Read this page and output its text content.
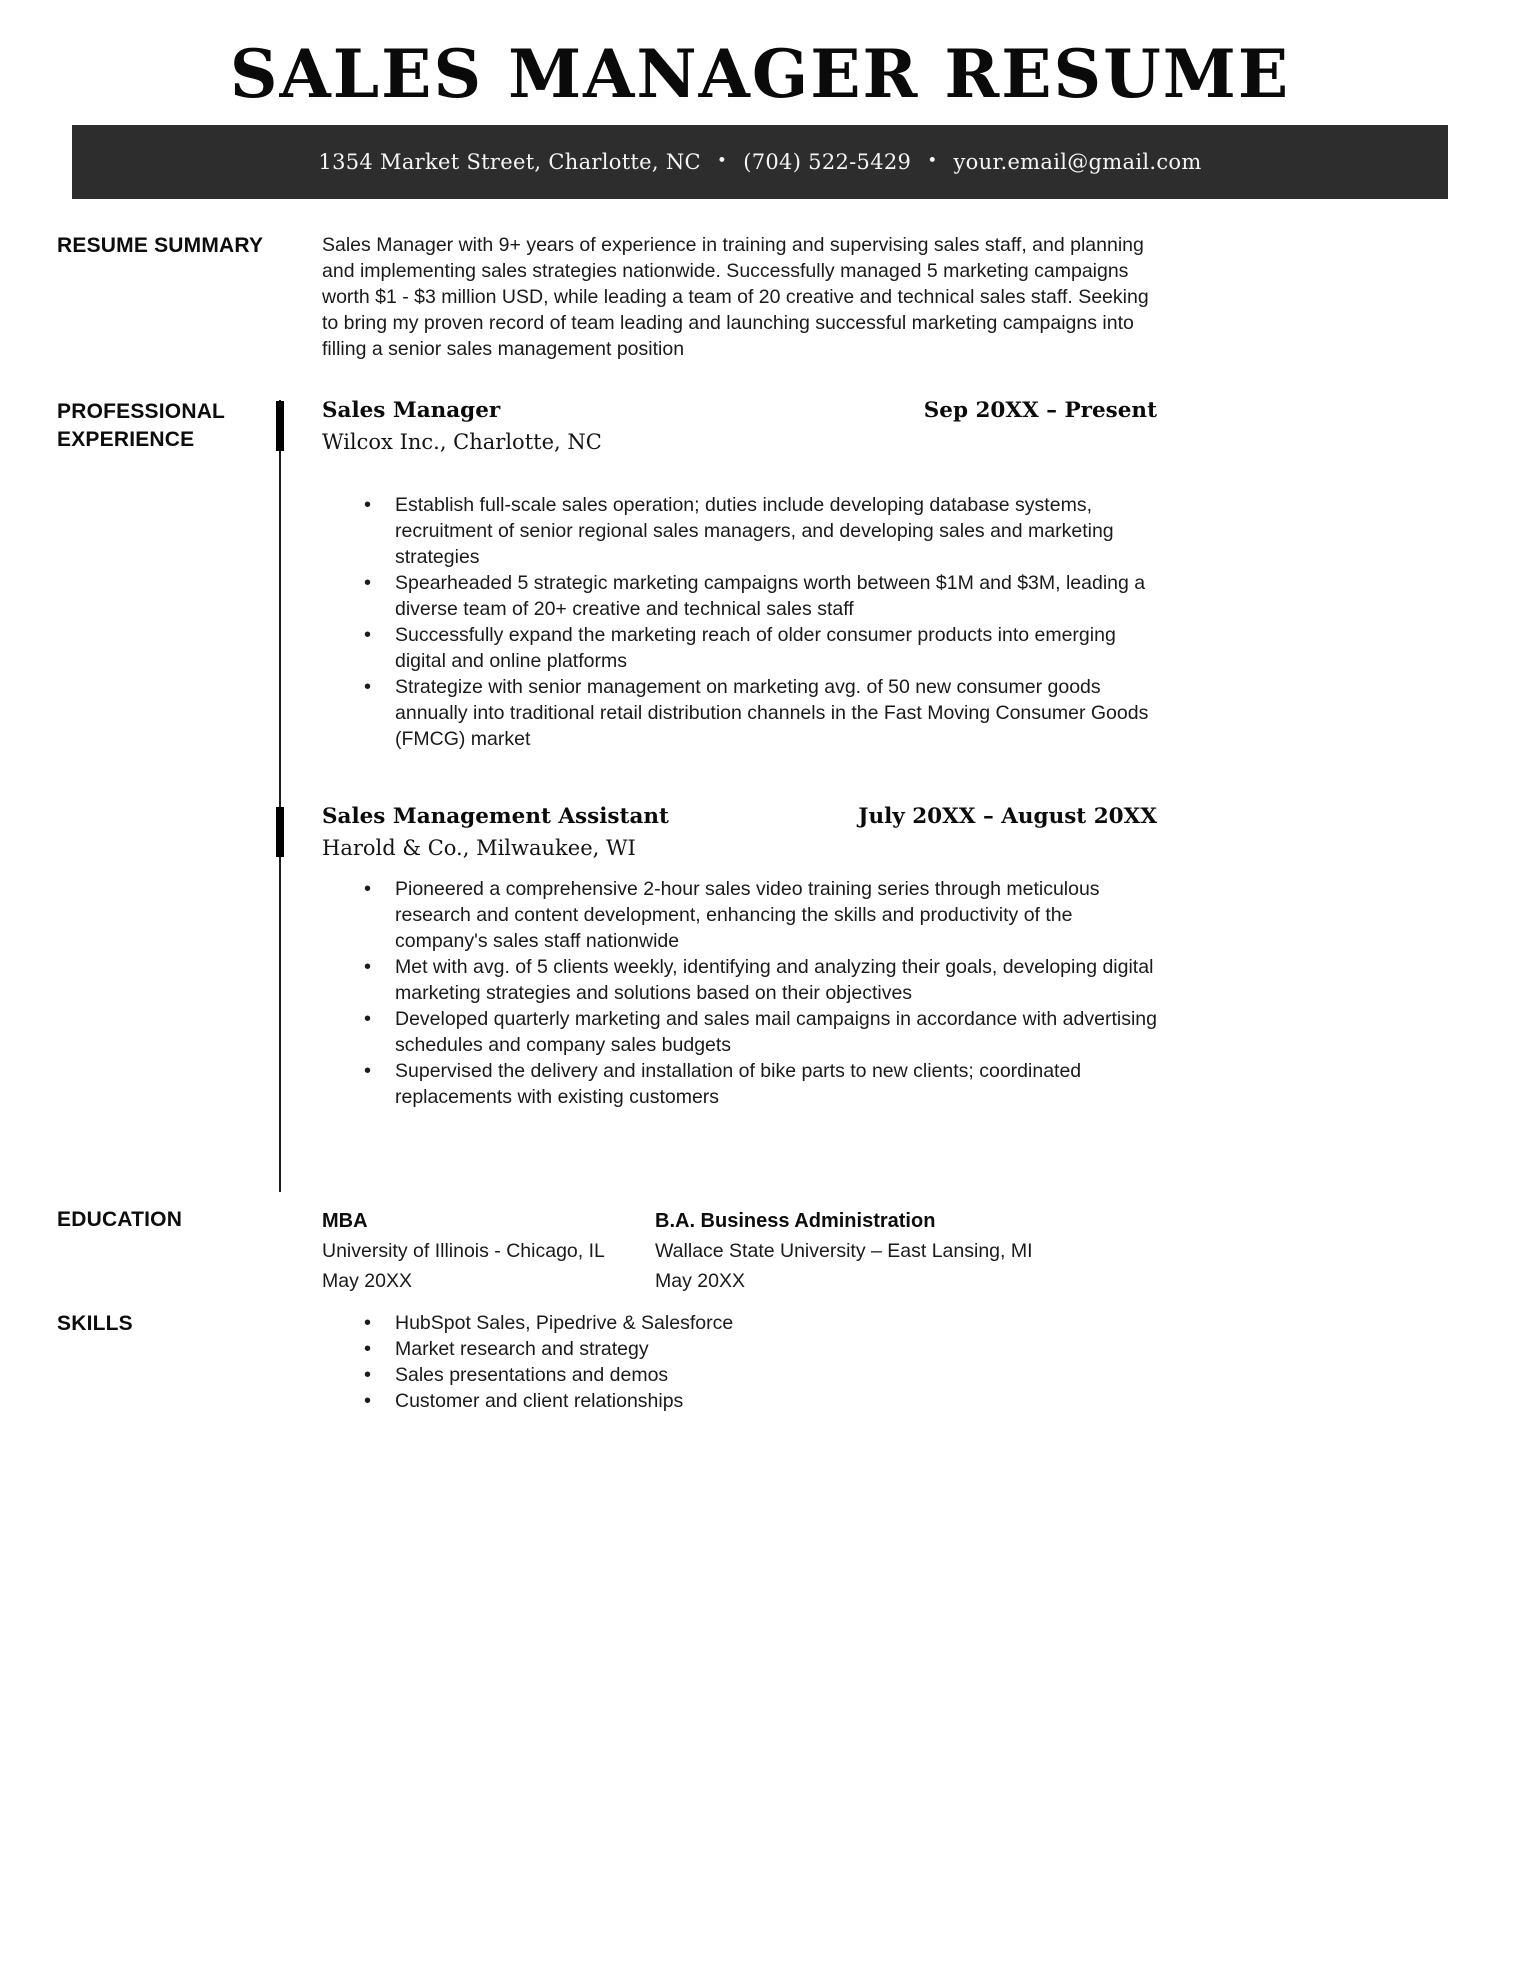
SALES MANAGER RESUME
1354 Market Street, Charlotte, NC • (704) 522-5429 • your.email@gmail.com
RESUME SUMMARY	Sales Manager with 9+ years of experience in training and supervising sales staff, and planning and implementing sales strategies nationwide. Successfully managed 5 marketing campaigns worth $1 - $3 million USD, while leading a team of 20 creative and technical sales staff. Seeking to bring my proven record of team leading and launching successful marketing campaigns into filling a senior sales management position
PROFESSIONAL EXPERIENCE
Sales Manager	Sep 20XX – Present
Wilcox Inc., Charlotte, NC
• Establish full-scale sales operation; duties include developing database systems, recruitment of senior regional sales managers, and developing sales and marketing strategies
• Spearheaded 5 strategic marketing campaigns worth between $1M and $3M, leading a diverse team of 20+ creative and technical sales staff
• Successfully expand the marketing reach of older consumer products into emerging digital and online platforms
• Strategize with senior management on marketing avg. of 50 new consumer goods annually into traditional retail distribution channels in the Fast Moving Consumer Goods (FMCG) market
Sales Management Assistant	July 20XX – August 20XX
Harold & Co., Milwaukee, WI
• Pioneered a comprehensive 2-hour sales video training series through meticulous research and content development, enhancing the skills and productivity of the company's sales staff nationwide
• Met with avg. of 5 clients weekly, identifying and analyzing their goals, developing digital marketing strategies and solutions based on their objectives
• Developed quarterly marketing and sales mail campaigns in accordance with advertising schedules and company sales budgets
• Supervised the delivery and installation of bike parts to new clients; coordinated replacements with existing customers
EDUCATION	MBA
University of Illinois - Chicago, IL
May 20XX
B.A. Business Administration
Wallace State University – East Lansing, MI
May 20XX
SKILLS	• HubSpot Sales, Pipedrive & Salesforce
• Market research and strategy
• Sales presentations and demos
• Customer and client relationships
